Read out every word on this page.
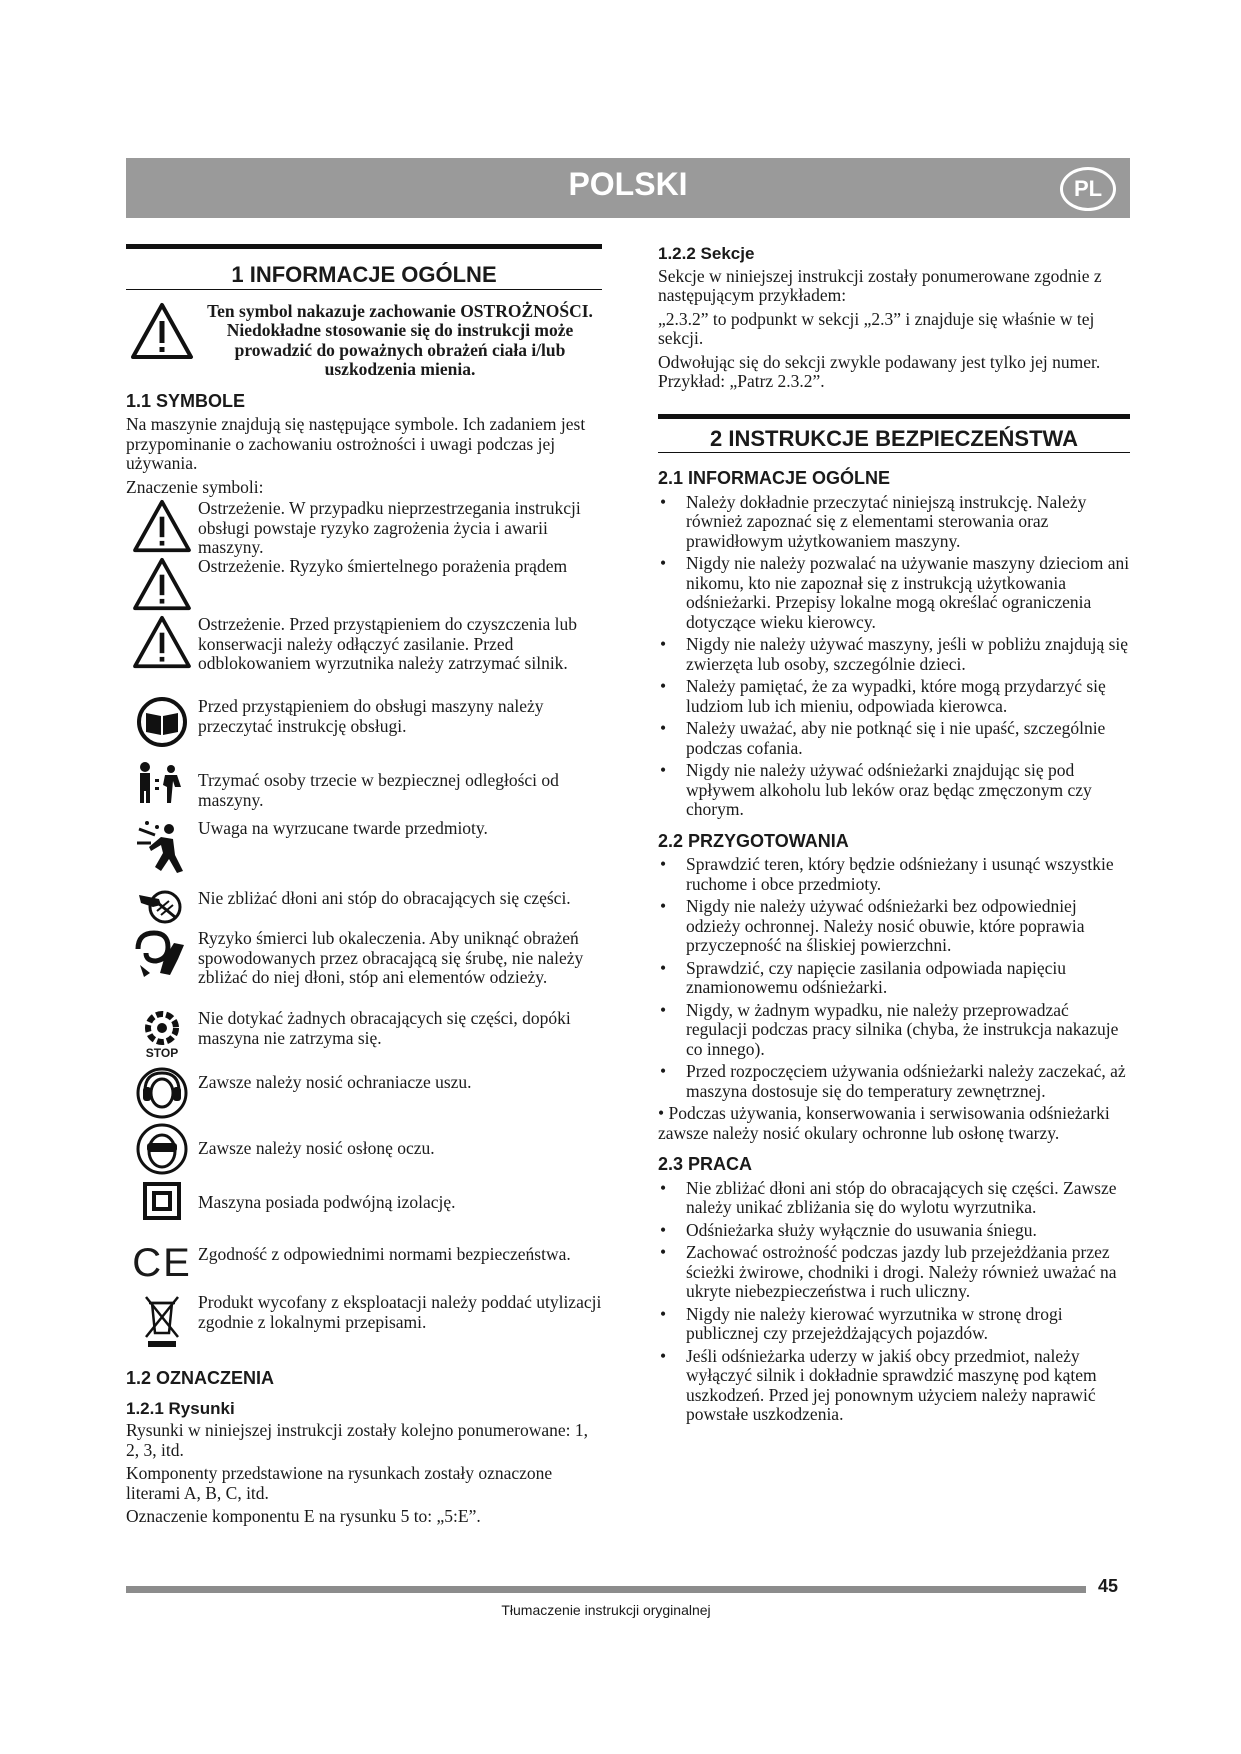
POLSKI	PL
1 INFORMACJE OGÓLNE
Ten symbol nakazuje zachowanie OSTROŻNOŚCI. Niedokładne stosowanie się do instrukcji może prowadzić do poważnych obrażeń ciała i/lub uszkodzenia mienia.
1.1 SYMBOLE

Na maszynie znajdują się następujące symbole. Ich zadaniem jest przypominanie o zachowaniu ostrożności i uwagi podczas jej używania.

Znaczenie symboli:

Ostrzeżenie. W przypadku nieprzestrzegania instrukcji obsługi powstaje ryzyko zagrożenia życia i awarii maszyny.
Ostrzeżenie. Ryzyko śmiertelnego porażenia prądem
Ostrzeżenie. Przed przystąpieniem do czyszczenia lub konserwacji należy odłączyć zasilanie. Przed odblokowaniem wyrzutnika należy zatrzymać silnik.
Przed przystąpieniem do obsługi maszyny należy przeczytać instrukcję obsługi.
Trzymać osoby trzecie w bezpiecznej odległości od maszyny.
Uwaga na wyrzucane twarde przedmioty.
Nie zbliżać dłoni ani stóp do obracających się części.
Ryzyko śmierci lub okaleczenia. Aby uniknąć obrażeń spowodowanych przez obracającą się śrubę, nie należy zbliżać do niej dłoni, stóp ani elementów odzieży.
STOP
Nie dotykać żadnych obracających się części, dopóki maszyna nie zatrzyma się.
Zawsze należy nosić ochraniacze uszu.
Zawsze należy nosić osłonę oczu.
Maszyna posiada podwójną izolację.
CE Zgodność z odpowiednimi normami bezpieczeństwa.
Produkt wycofany z eksploatacji należy poddać utylizacji zgodnie z lokalnymi przepisami.
1.2 OZNACZENIA
1.2.1 Rysunki

Rysunki w niniejszej instrukcji zostały kolejno ponumerowane: 1, 2, 3, itd.

Komponenty przedstawione na rysunkach zostały oznaczone literami A, B, C, itd.

Oznaczenie komponentu E na rysunku 5 to: „5:E”.

1.2.2 Sekcje

Sekcje w niniejszej instrukcji zostały ponumerowane zgodnie z następującym przykładem:

„2.3.2” to podpunkt w sekcji „2.3” i znajduje się właśnie w tej sekcji.

Odwołując się do sekcji zwykle podawany jest tylko jej numer. Przykład: „Patrz 2.3.2”.

2 INSTRUKCJE BEZPIECZEŃSTWA
2.1 INFORMACJE OGÓLNE
• Należy dokładnie przeczytać niniejszą instrukcję. Należy również zapoznać się z elementami sterowania oraz prawidłowym użytkowaniem maszyny.
• Nigdy nie należy pozwalać na używanie maszyny dzieciom ani nikomu, kto nie zapoznał się z instrukcją użytkowania odśnieżarki. Przepisy lokalne mogą określać ograniczenia dotyczące wieku kierowcy.
• Nigdy nie należy używać maszyny, jeśli w pobliżu znajdują się zwierzęta lub osoby, szczególnie dzieci.
• Należy pamiętać, że za wypadki, które mogą przydarzyć się ludziom lub ich mieniu, odpowiada kierowca.
• Należy uważać, aby nie potknąć się i nie upaść, szczególnie podczas cofania.
• Nigdy nie należy używać odśnieżarki znajdując się pod wpływem alkoholu lub leków oraz będąc zmęczonym czy chorym.
2.2 PRZYGOTOWANIA
• Sprawdzić teren, który będzie odśnieżany i usunąć wszystkie ruchome i obce przedmioty.
• Nigdy nie należy używać odśnieżarki bez odpowiedniej odzieży ochronnej. Należy nosić obuwie, które poprawia przyczepność na śliskiej powierzchni.
• Sprawdzić, czy napięcie zasilania odpowiada napięciu znamionowemu odśnieżarki.
• Nigdy, w żadnym wypadku, nie należy przeprowadzać regulacji podczas pracy silnika (chyba, że instrukcja nakazuje co innego).
• Przed rozpoczęciem używania odśnieżarki należy zaczekać, aż maszyna dostosuje się do temperatury zewnętrznej.

• Podczas używania, konserwowania i serwisowania odśnieżarki zawsze należy nosić okulary ochronne lub osłonę twarzy.

2.3 PRACA
• Nie zbliżać dłoni ani stóp do obracających się części. Zawsze należy unikać zbliżania się do wylotu wyrzutnika.
• Odśnieżarka służy wyłącznie do usuwania śniegu.
• Zachować ostrożność podczas jazdy lub przejeżdżania przez ścieżki żwirowe, chodniki i drogi. Należy również uważać na ukryte niebezpieczeństwa i ruch uliczny.
• Nigdy nie należy kierować wyrzutnika w stronę drogi publicznej czy przejeżdżających pojazdów.
• Jeśli odśnieżarka uderzy w jakiś obcy przedmiot, należy wyłączyć silnik i dokładnie sprawdzić maszynę pod kątem uszkodzeń. Przed jej ponownym użyciem należy naprawić powstałe uszkodzenia.
45
Tłumaczenie instrukcji oryginalnej
